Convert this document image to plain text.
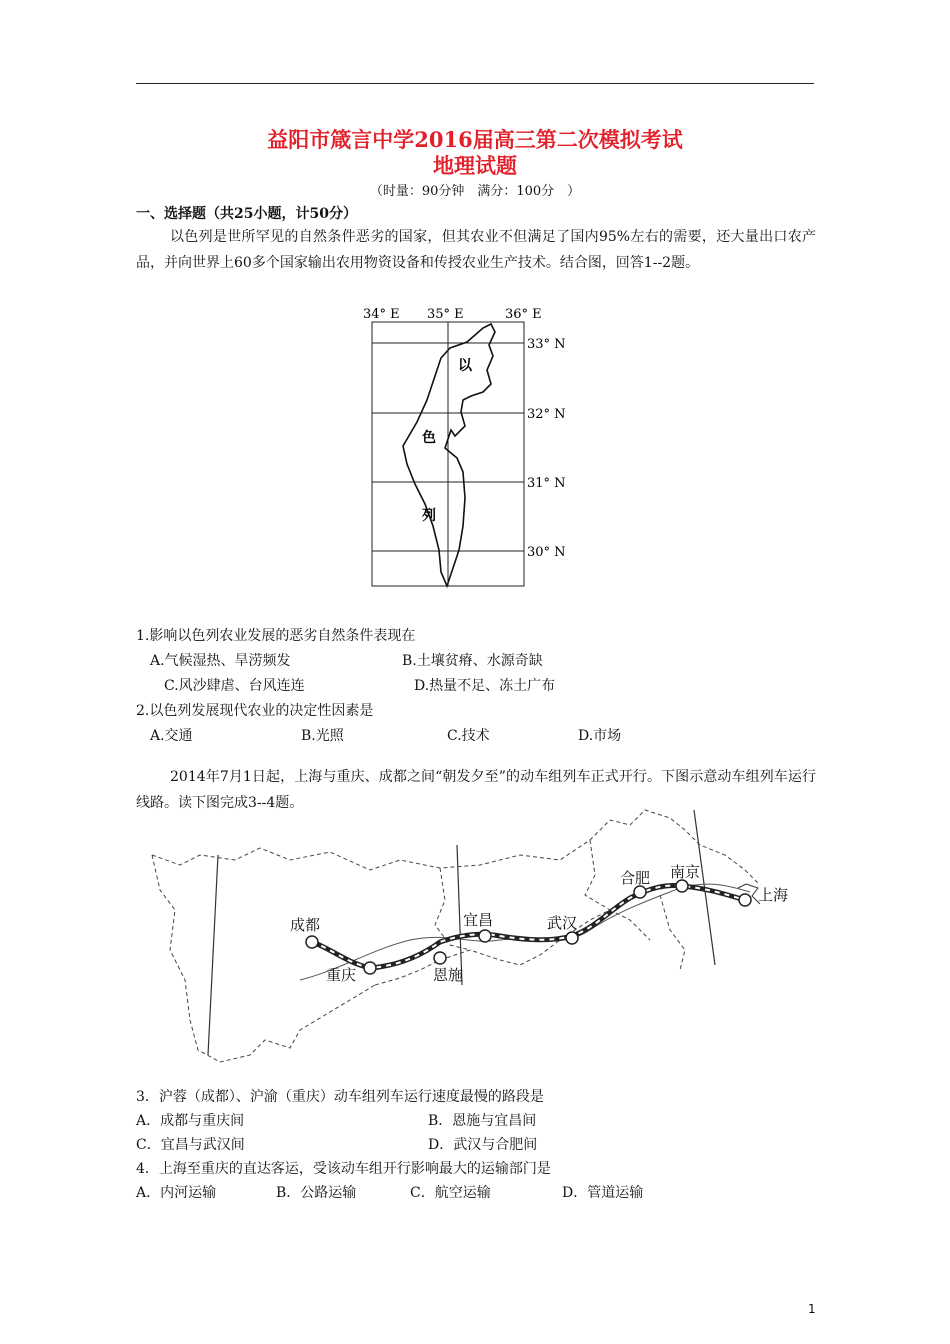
益阳市箴言中学2016届高三第二次模拟考试
地理试题
（时量：90分钟　满分：100分　）
一、选择题（共25小题，计50分）

以色列是世所罕见的自然条件恶劣的国家，但其农业不但满足了国内95%左右的需要，还大量出口农产品，并向世界上60多个国家输出农用物资设备和传授农业生产技术。结合图，回答1--2题。

34° E 35° E	36° E
33° N
32° N
31° N
30° N
以
色
列
1.影响以色列农业发展的恶劣自然条件表现在
A.气候湿热、旱涝频发	B.土壤贫瘠、水源奇缺
C.风沙肆虐、台风连连	D.热量不足、冻土广布
2.以色列发展现代农业的决定性因素是
A.交通	B.光照	C.技术	D.市场

2014年7月1日起，上海与重庆、成都之间“朝发夕至”的动车组列车正式开行。下图示意动车组列车运行线路。读下图完成3--4题。

成都
重庆	恩施
宜昌	武汉
合肥 南京
上海
3．沪蓉（成都）、沪渝（重庆）动车组列车运行速度最慢的路段是
A．成都与重庆间	B．恩施与宜昌间
C．宜昌与武汉间	D．武汉与合肥间
4．上海至重庆的直达客运，受该动车组开行影响最大的运输部门是
A．内河运输	B．公路运输	C．航空运输	D．管道运输
1
